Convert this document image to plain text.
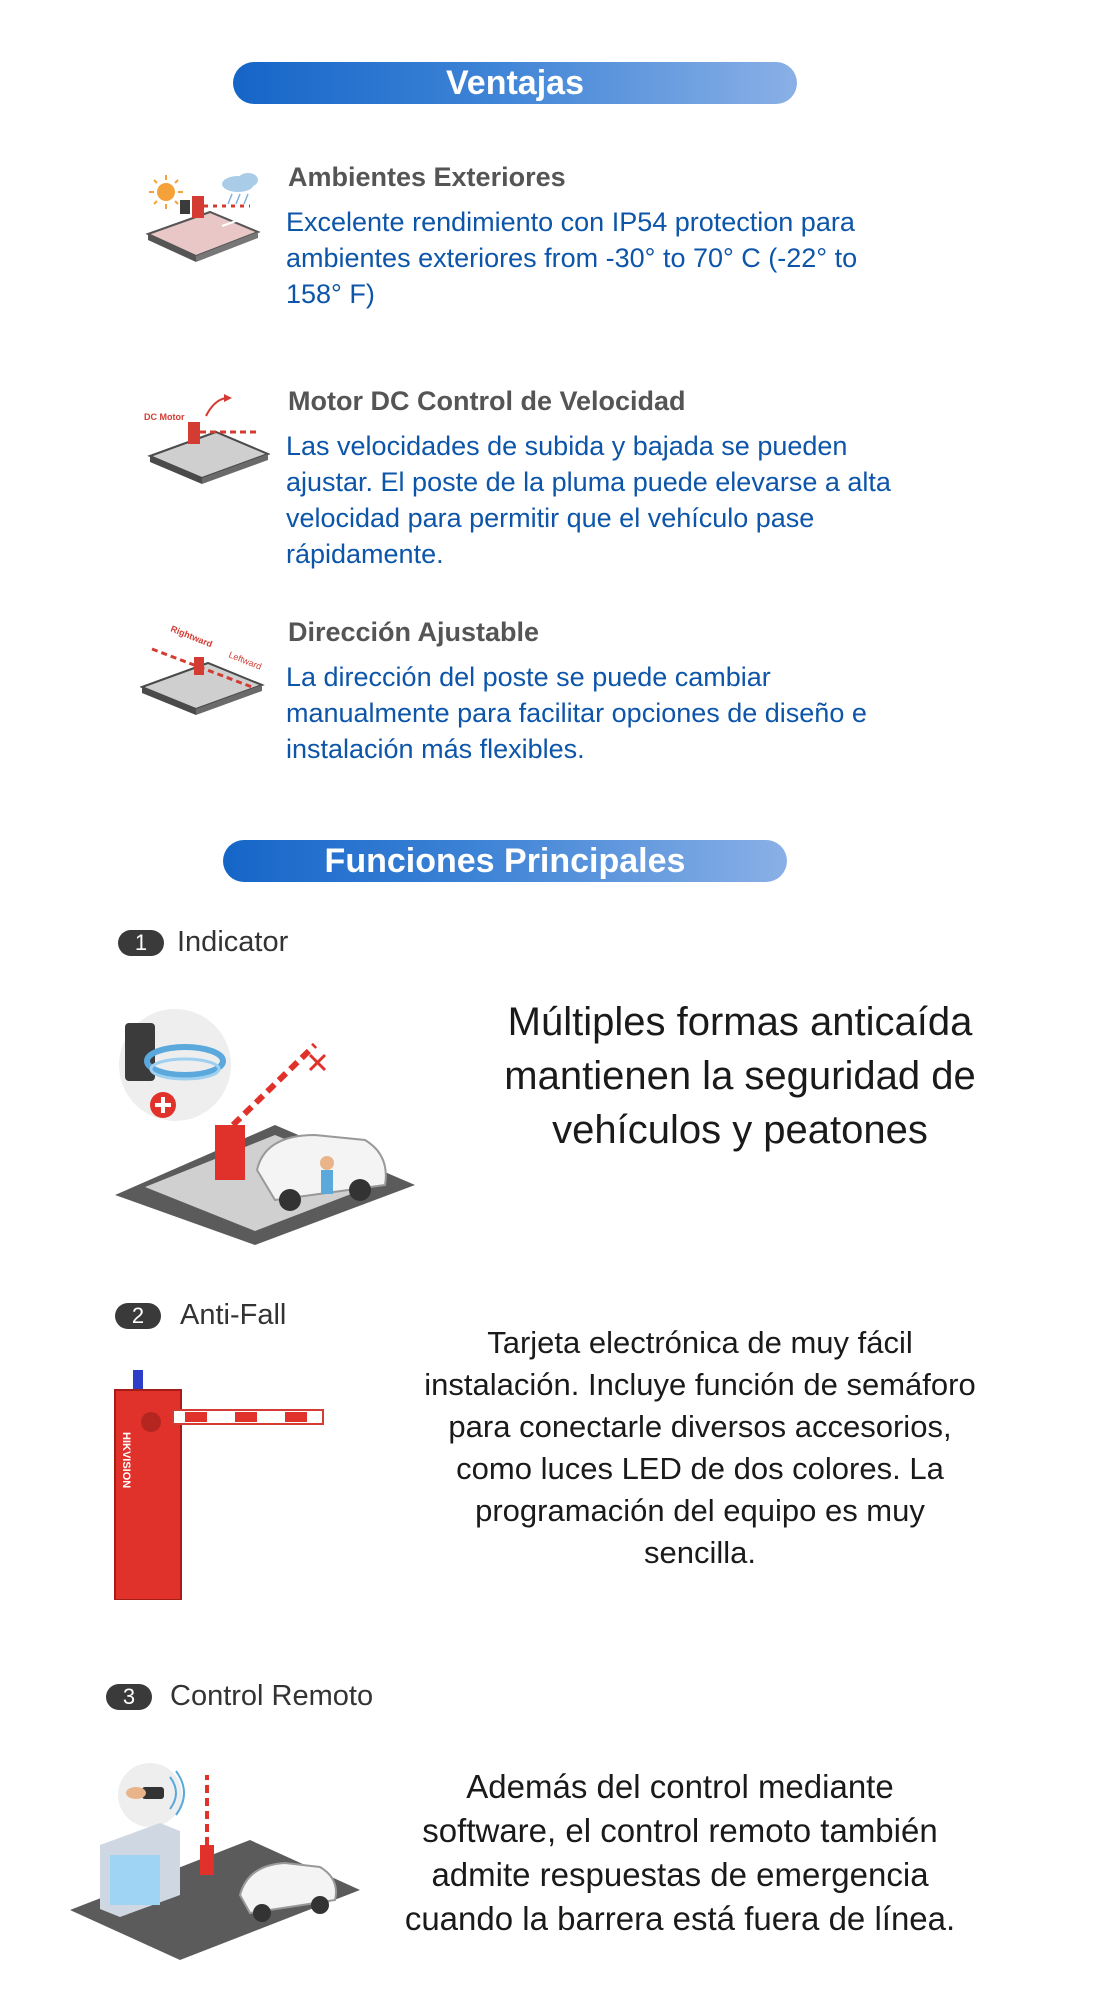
Ventajas
Ambientes Exteriores
Excelente rendimiento con IP54 protection para ambientes exteriores from -30° to 70° C (-22° to 158° F)
DC Motor
Motor DC Control de Velocidad
Las velocidades de subida y bajada se pueden ajustar. El poste de la pluma puede elevarse a alta velocidad para permitir que el vehículo pase rápidamente.
Rightward
Leftward
Dirección Ajustable
La dirección del poste se puede cambiar manualmente para facilitar opciones de diseño e instalación más flexibles.
Funciones Principales
1	Indicator
Múltiples formas anticaída mantienen la seguridad de vehículos y peatones
2	Anti-Fall
HIKVISION
Tarjeta electrónica de muy fácil instalación. Incluye función de semáforo para conectarle diversos accesorios, como luces LED de dos colores. La programación del equipo es muy sencilla.
3	Control Remoto
Además del control mediante software, el control remoto también admite respuestas de emergencia cuando la barrera está fuera de línea.
